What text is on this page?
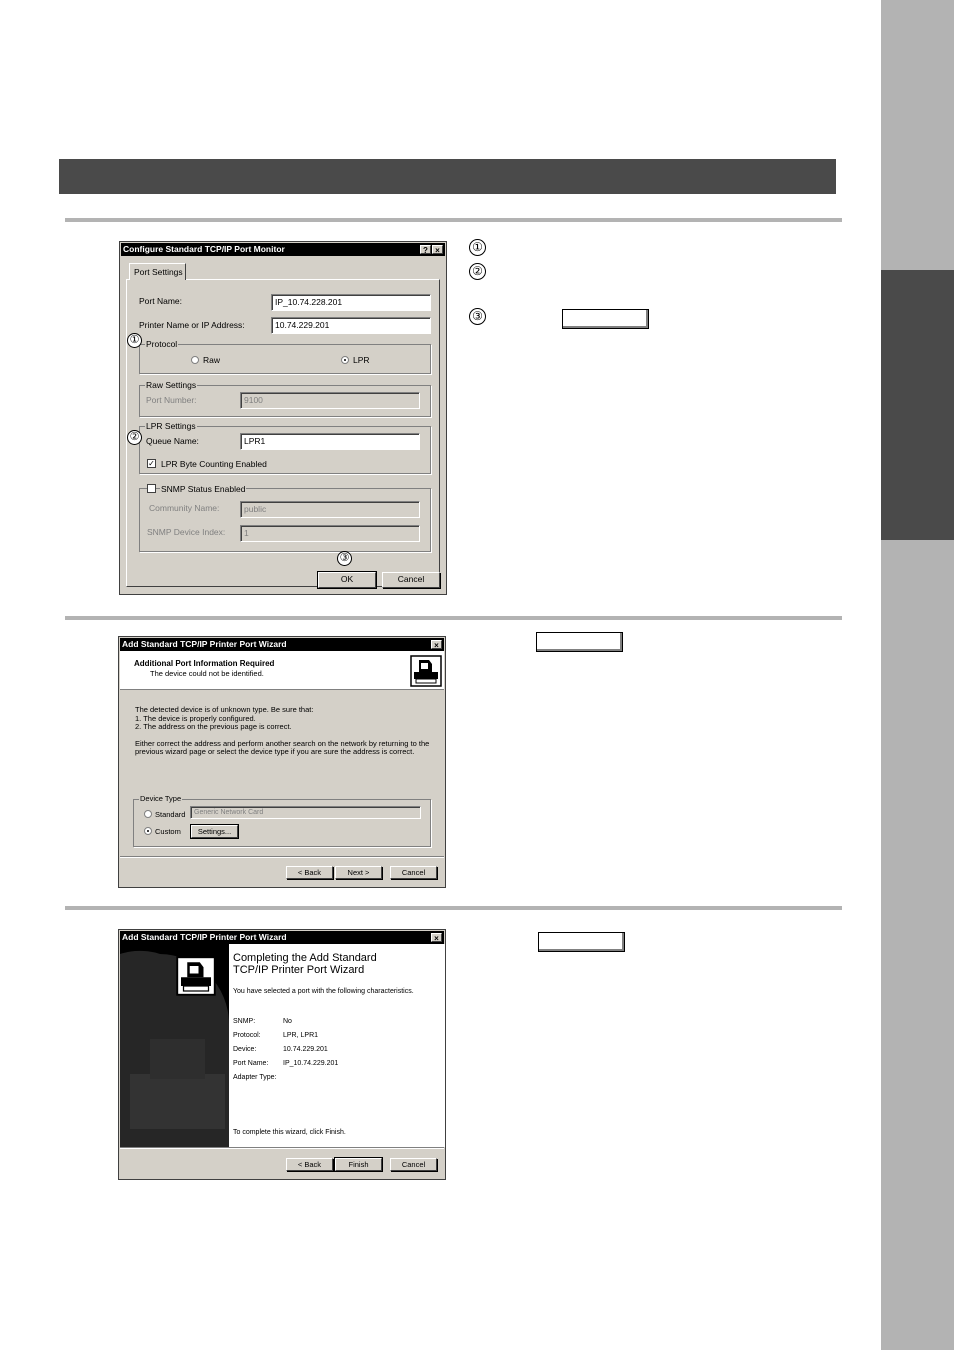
Configure Standard TCP/IP Port Monitor	? ×
Port Settings
Port Name:	IP_10.74.228.201
Printer Name or IP Address:	10.74.229.201
Protocol
Raw	LPR
Raw Settings
Port Number:	9100
LPR Settings
Queue Name:	LPR1
✓ LPR Byte Counting Enabled
SNMP Status Enabled
Community Name:	public
SNMP Device Index:	1
OK	Cancel
①
②
③
①
②
③
Add Standard TCP/IP Printer Port Wizard	×
Additional Port Information Required
The device could not be identified.
The detected device is of unknown type. Be sure that:
1. The device is properly configured.
2. The address on the previous page is correct.
Either correct the address and perform another search on the network by returning to the
previous wizard page or select the device type if you are sure the address is correct.
Device Type
Standard	Generic Network Card
Custom	Settings...
< Back	Next >	Cancel
Add Standard TCP/IP Printer Port Wizard	×
Completing the Add Standard
TCP/IP Printer Port Wizard
You have selected a port with the following characteristics.
SNMP:	No
Protocol:	LPR, LPR1
Device:	10.74.229.201
Port Name: IP_10.74.229.201
Adapter Type:
To complete this wizard, click Finish.
< Back	Finish	Cancel
